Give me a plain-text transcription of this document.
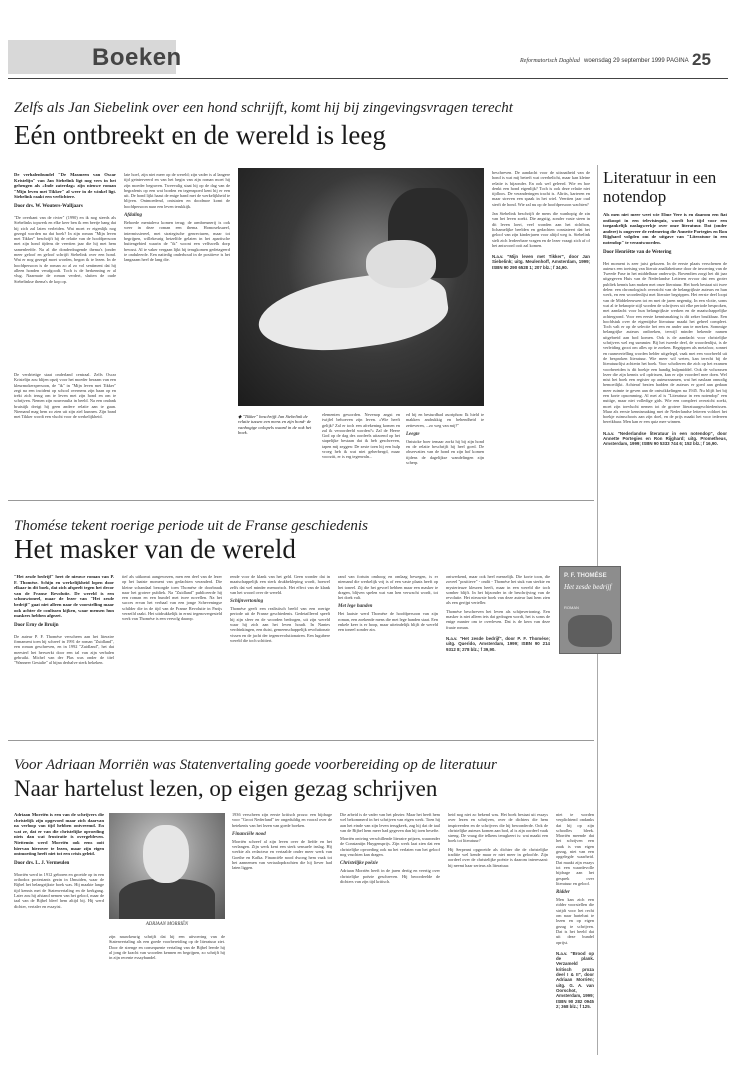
Boeken	Reformatorisch Dagblad woensdag 29 september 1999 PAGINA 25
Zelfs als Jan Siebelink over een hond schrijft, komt hij bij zingevingsvragen terecht
Eén ontbreekt en de wereld is leeg
De verhalenbundel "De Masmeen van Oscar Kristelijn" van Jan Siebelink ligt nog vers in het geheugen als «Inde zaterdag» zijn nieuwe roman "Mijn leven met Tikker" al weer in de winkel ligt. Siebelink raakt een verlichtere.
Door drs. W. Wouters-Walljaars
"De overkant van de rivier" (1990) en ik nog steeds als Siebelinks topwerk en elke keer ben ik een beetje bang dat hij zich zal laten verleiden. Wat moet er eigenlijk nog gezegd worden na dat boek? In zijn roman "Mijn leven met Tikker" beschrijft hij de relatie van de hoofdpersoon met zijn hond tijdens de veertien jaar die hij met hem samenleefde. Na al die donderdragende thema's (onder meer geloof en geloof schrijft Siebelink over een hond. Wat er nog gezegd moet worden, begon ik te lezen. In de hoofdpersoon is de roman zo al zo vol sentiment dat hij alleen honden verafgoodt. Toch is de herkenning er al vlug. Naarmate de roman verdert, sluiten de oude Siebelinkse thema's de kop op.
De verdrietige staat onderland centraal. Zelfs Oscar Kristelijn zou blijen opzij voor het moeder beraam van een kleurmokerspersoon, de "ik" in "Mijn leven met Tikker" zegt na een incident op school overnens zijn baan op en trekt zich terug om te leven met zijn hond en om te schrijven. Nemen zijn nouveaulia in beeld. Na een ondank bruistijk dreigt hij geen andere relatie aan te gaan. Niemand mag hem zo zien uit zijn ziel kunnen. Zijn band met Tikker wordt een vlucht voor de werkelijkheid.
late hoef, zijn niet meer op de wereld; zijn vader is al langere tijd geinterveerd en van het begin van zijn roman moet hij zijn moeder begraven. Tweevalig staat hij op de dag van de begrafenis op een wat borden en tegenspoed kent hij er een uit. De hond lijkt haast de enige band met de werkelijkheid te blijven. Ontmoedend, ontstaten en doodmoe komt de hoofdpersoon naar een leven terukkijk.
Afdaling
Behoede mentaleva komen terug; de armbreunerij is ook weer in deze roman een thema. Homoseksueel, intermissiereel, met strategische genrecturen, maar tot begrijpen, willekeurig hetzelfde gelaten in het apartische buitengebied waarin de "ik" woont een velfswelk dorp bewust. Al te vaker vergaan lijkt hij terugkomen gedetageerd te onduleerde. Een natiedig onderhoud in de positieve is het langzaam heel de lang die.
◆ "Tikker" beschrijft Jan Siebelink de relatie tussen een mens en zijn hond- de vanhogige oolopels waard in de ook het boek.
elementen geworden. Nevenop angst en twijfel behoeven zijn leven. «Wie heeft gelijk? Zal er toch een afrekening komen en zal ik veroordeeld worden?» Zal de Heere God op de dag des oordeels uitzoend op het stapelijke bestaan dat ik heb geschreven, tapen mij zeggen: De zeste toen hij een hulp vroeg heb ik wat niet geherbergd, maar voorzitt, er is erg tegenvaln...
ed hij en besturdbad asoriphon: Ik hield te makken andrukkig en behendheid te zetteveren, ...zo weg van mij?"
Leegte
Ontstoke boer iemaar zorkt hij bij zijn hond en de relatie beschrijft hij heel goed. De observaties van de hond en zijn hof komen tijdens de dagelijkse wandelingen zijn scherp.
beschreven. De aandacht voor de uitsnatheid van de hond is wat mij betreft wat overbelicht, maar kan kleine relatie is bijzonder. En ook wel geleerd. Wie en hoe denkt een hond eigenlijk? Toch is ook deze relatie niet tijdloos. De veranderingen tracht is. Altrits, karteren en maar streven een spaak in het wiel. Veertien jaar oud sterft de hond. Wie zal nu op de hoofdpersoon wachten?
Jan Siebelink beschrijft de mens die wanhopig de zin van het leven zoekt. Die angstig, zonder vaste steen in dit leven loert, veel wonden aan het richtbon, lichamelijke beelden en gedachten constateert dat het geloof van zijn kinderjaren voor altijd weg is. Siebelink stelt zich lerdeerbare vragen en de lezer vraagt zich af of het antwoord ooit zal komen.
N.a.v. "Mijn leven met Tikker", door Jan Siebelink; uitg. Meulenhoff, Amsterdam, 1999; ISBN 90 290 6528 1; 207 blz.; f 34,90.
Literatuur in een notendop
Als men niet meer weet wie Elme Vere is en daarom een fiat ontkoopt in een televisiequiz, wordt het tijd voor een toegankelijk naslagwerkje over onze literatuur. Dat (onder andere) is ongeveer de redenering die Annette Portegies en Ron Rijghard volgden om de uitgave van "Literatuur in een notendop" te verantwoorden.
Door Henriëtte van de Wetering
Het moment is zeer juist gekozen. In de eerste plaats verschenen de auteurs een toetsing van literair analfabetisme door de invoering van de Tweede Fase in het middelbaar onderwijs. Bovendien zorgt het dit jaar uitgegeven Huis van de Nederlandse Letteren ervoor dat een groter publiek kennis kan maken met onze literatuur. Het boek bestaat uit twee delen: een chronologisch overzicht van de belangrijkste auteurs en hun werk, en een woordenlijst met literaire begrippen. Het eerste deel loopt van de Middeleeuwen tot en met de jaren negentig. In een vlotte, soms wat al te beknopte stijl worden de schrijvers uit elke periode besproken, met aandacht voor hun belangrijkste werken en de maatschappelijke achtergrond. Voor een eerste kennismaking is dit zeker bruikbaar. Een hoofdstuk over de eigentijdse literatuur maakt het geheel compleet. Toch valt er op de selectie het een en ander aan te merken. Sommige belangrijke auteurs ontbreken, terwijl minder bekende namen uitgebreid aan bod komen. Ook is de aandacht voor christelijke schrijvers wel erg summier. Bij het tweede deel, de woordenlijst, is de verleiding groot om alles op te zoeken. Begrippen als metafoor, sonnet en raamvertelling worden helder uitgelegd, vaak met een voorbeeld uit de besproken literatuur. Wie meer wil weten, kan terecht bij de literatuurlijst achterin het boek. Voor scholieren die zich op het examen voorbereiden is dit boekje een handig hulpmiddel. Ook de volwassen lezer die zijn kennis wil opfrissen, kan er zijn voordeel mee doen. Wel mist het boek een register op auteursnamen, wat het naslaan onnodig bemoeilijkt. Achteraf bezien hadden de auteurs er goed aan gedaan meer ruimte te geven aan de ontwikkelingen na 1945. Nu blijft het bij een korte opsomming. Al met al is "Literatuur in een notendop" een nuttige, maar niet volledige gids. Wie een compleet overzicht zoekt, moet zijn toevlucht nemen tot de grotere literatuurgeschiedenissen. Maar als eerste kennismaking met de Nederlandse letteren voldoet het boekje ruimschoots aan zijn doel, en de prijs maakt het voor iedereen bereikbaar. Men kan er een quiz mee winnen.
N.a.v. "Nederlandse literatuur in een notendop", door Annette Portegies en Ron Rijghard; uitg. Prometheus, Amsterdam, 1999; ISBN 90 5333 744 6; 152 blz.; f 16,90.
Thomése tekent roerige periode uit de Franse geschiedenis
Het masker van de wereld
"Het zesde bedrijf" heet de nieuwe roman van P. F. Thomése. Schijn en werkelijkheid lopen door elkaar in dit boek, dat zich afspeelt tegen het decor van de Franse Revolutie. De wereld is een schouwtoneel, maar de lezer van "Het zesde bedrijf" gaat niet alleen naar de voorstelling maar ook achter de coulissen kijken, waar mensen hun maskers hebben afgezet.
Door Erny de Bruijn
De auteur P. F. Thomése verscheen aan het literaire firmament toen hij schreef in 1991 de roman "Zuidland", een roman geschreven, en in 1992 "Zuidland", het dat meesterl het herwerkt door een tal van zijn verhalen gebruikt. Michel van der Plas was onder de titel "Wanneer Gestalte" al bijna derhalve sterk bekeken.
tief als uitkomst aangewezen, men een deel van de lezer op het laatste moment van gedachten veranderd. Die kleine schandaal bezorgde toen Thomése de doorbraak naar het grotere publiek. Na "Zuidland" publiceerde hij een roman en een bundel met twee novellen. Na het succes ervan het verhaal van een jonge Scheveningse schilder die in de tijd van de Franse Revolutie in Parijs verzeild raakt. Het uitdrukkelijk in ernst tegenovergesteld werk van Thomése is een vervolg daarop.
rende voor de klank van het geld. Geen wonder dat in maatschappelijk een sterk drukbekleping wordt, hoewel zelfs dat wel minder memorisch. Het effect van de klank van het woord over de wereld.
Schijnvertoning
Thomése geeft een realistisch beeld van een roerige periode uit de Franse geschiedenis. Gedetailleerd speelt hij zijn sfeer en de woorden bedrogen, uit zijn wereld waar hij zich aan het leven houdt. In Nantes verdrinkingen, een duist, gemeenschappelijk revolutionair vissen en de jacht der tegenrevolutionairen. Een lugubere wereld die toch schittert.
rand van fortuin omhoog en omlaag bewegen, is er niemand die werkelijk vrij is of een vaste plaats heeft op het toneel. Zij die het gevoel hebben maar een masker te dragen, blijven spelen wat van hen verwacht wordt, tot het doek valt.
Met lege handen
Het laatste werd Thomése de hoofdpersoon van zijn roman, een zoekende mens die met lege handen staat. Een enkele keer is er hoop, maar uiteindelijk blijft de wereld een toneel zonder zin.
ontwerkend, maar ook heel menselijk. Die korte toon, die zoveel "positieve" - ondit - Thomése het stuk van sterkte en mysterieuze kleuren heeft, maar in een wereld die toch somber blijft. In het bijzonder in de beschrijving van de revolutie. Het nieuwste boek van deze auteur laat hem zien als een gerijpt verteller.
Thomése beschreven het leven als schijnvertoning. Een masker is niet alleen iets dat gedragen wordt, het is soms de enige manier om te overleven. Dat is de kern van deze fraaie roman.
N.a.v. "Het zesde bedrijf", door P. F. Thomése; uitg. Querido, Amsterdam, 1999; ISBN 90 214 9312 8; 278 blz.; f 39,90.
P. F. THOMÉSE
Het zesde bedrijf
ROMAN
Voor Adriaan Morriën was Statenvertaling goede voorbereiding op de literatuur
Naar hartelust lezen, op eigen gezag schrijven
Adriaan Morriën is een van de schrijvers die christelijk zijn opgevoed maar zich daarvan na verloop van tijd hebben ontvreemd. En wat ze, dat er van die christelijke opvoeding niets dan wat frustratie is overgebleven. Niettemin werd Morriën ook eens ooit hiervan hierover te lezen, maar zijn eigen ontmoeting heeft niet tot een crisis geleid.
Door drs. L. J. Vermeulen
Morriën werd in 1912 geboren en groeide op in een orthodox protestants gezin in IJmuiden, waar de Bijbel het belangrijkste boek was. Hij maakte lange tijd kennis met de Statenvertaling en de kerkgang. Later zou hij afstand nemen van het geloof, maar de taal van de Bijbel bleef hem altijd bij. Hij werd dichter, vertaler en essayist.
ADRIAAN MORRIËN
zijn nauwkeurig schrijft dat hij een uitvoering van de Statenvertaling als een goede voorbereiding op de literatuur ziet. Door de strenge en consequente vertaling van de Bijbel leerde hij al jong de kracht van woorden kennen en begrijpen, zo schrijft hij in zijn recente essaybundel.
1936 verscheen zijn eerste kritisch proza: een bijdrage voor "Groot Nederland" ter ongeduldig en vooral over de betekenis van het lezen van goede boeken.
Financiële nood
Morriën schreef al zijn leven over de liefde en het verlangen. Zijn werk kent een sterk sensuele inslag. Hij werkte als redacteur en vertaalde onder meer werk van Goethe en Kafka. Financiële nood dwong hem vaak tot het aannemen van vertaalopdrachten die hij liever had laten liggen.
Die arbeid is de vader van het plezier. Maar het heeft hem wel bekommerd in het schrijven van eigen werk. Toen hij aan het einde van zijn leven terugkeek, zag hij dat de taal van de Bijbel hem meer had gegeven dan hij toen besefte.
Morriën ontving verschillende literaire prijzen, waaronder de Constantijn Huygensprijs. Zijn werk laat zien dat een christelijke opvoeding ook na het verlaten van het geloof nog vruchten kan dragen.
Christelijke poëzie
Adriaan Morriën heeft in de jaren dertig en veertig over christelijke poëzie geschreven. Hij beoordeelde de dichters van zijn tijd kritisch.
heid nog niet zo bekend was. Het boek bestaat uit essays over lezen en schrijven, over de dichters die hem inspireerden en de schrijvers die hij bewonderde. Ook de christelijke auteurs komen aan bod, al is zijn oordeel vaak streng. De vraag die telkens terugkeert is: wat maakt een boek tot literatuur?
Hij Serpeant opgroeide als dichter die de christelijke traditie wel kende maar er niet meer in geloofde. Zijn oordeel over de christelijke poëzie is daarom interessant: hij neemt haar serieus als literatuur.
niet te worden verplichtend ondanks dat hij op zijn schoolles bleek. Morriën meende dat het schrijven een zaak is van eigen gezag, niet van een opgelegde waarheid. Dat maakt zijn essays tot een waardevolle bijdrage aan het gesprek over literatuur en geloof.
Ridder
Men kan zich een ridder voorstellen die strijdt voor het recht om naar hartelust te lezen en op eigen gezag te schrijven. Dat is het beeld dat uit deze bundel oprijst.
N.a.v. "Brood op de plank. Verzameld kritisch proza deel I & II", door Adriaan Morriën; uitg. G. A. van Oorschot, Amsterdam, 1999; ISBN 90 282 0945 2; 368 blz.; f 125.
